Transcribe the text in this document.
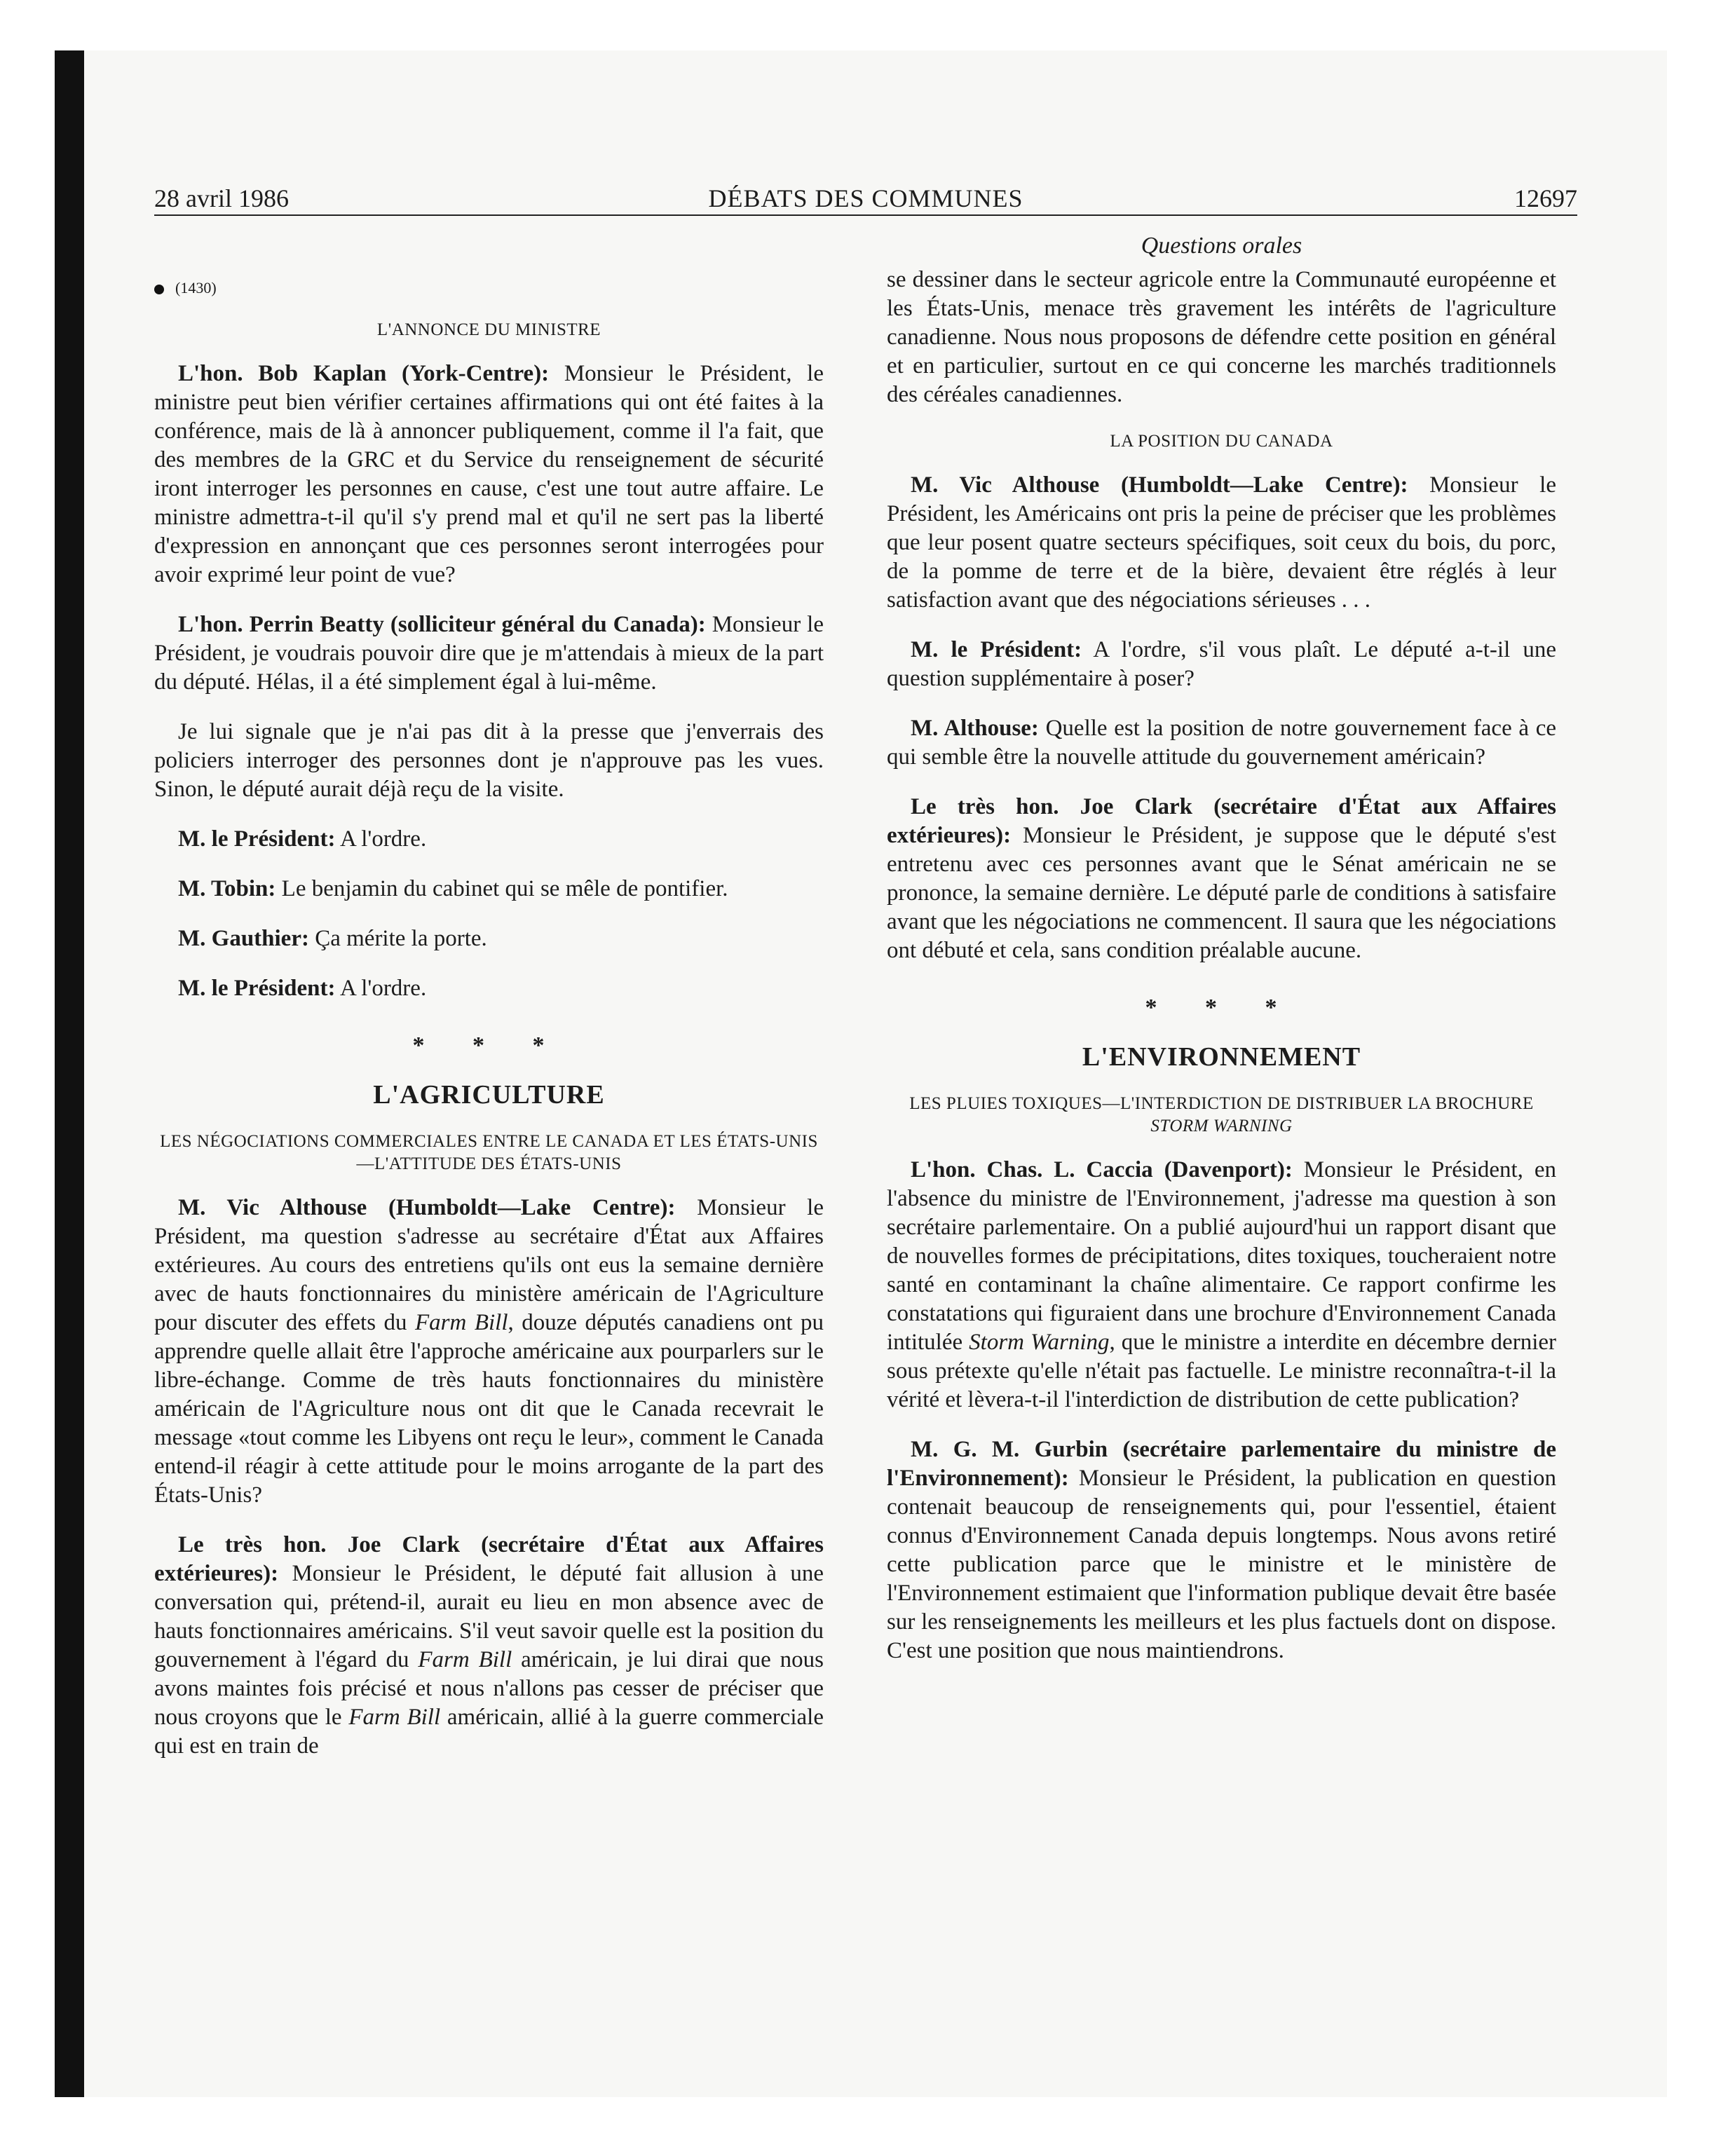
28 avril 1986	DÉBATS DES COMMUNES	12697
(1430)
L'ANNONCE DU MINISTRE

L'hon. Bob Kaplan (York-Centre): Monsieur le Président, le ministre peut bien vérifier certaines affirmations qui ont été faites à la conférence, mais de là à annoncer publiquement, comme il l'a fait, que des membres de la GRC et du Service du renseignement de sécurité iront interroger les personnes en cause, c'est une tout autre affaire. Le ministre admettra-t-il qu'il s'y prend mal et qu'il ne sert pas la liberté d'expression en annonçant que ces personnes seront interrogées pour avoir exprimé leur point de vue?

L'hon. Perrin Beatty (solliciteur général du Canada): Monsieur le Président, je voudrais pouvoir dire que je m'attendais à mieux de la part du député. Hélas, il a été simplement égal à lui-même.

Je lui signale que je n'ai pas dit à la presse que j'enverrais des policiers interroger des personnes dont je n'approuve pas les vues. Sinon, le député aurait déjà reçu de la visite.

M. le Président: A l'ordre.

M. Tobin: Le benjamin du cabinet qui se mêle de pontifier.

M. Gauthier: Ça mérite la porte.

M. le Président: A l'ordre.

* * *
L'AGRICULTURE
LES NÉGOCIATIONS COMMERCIALES ENTRE LE CANADA ET LES ÉTATS-UNIS—L'ATTITUDE DES ÉTATS-UNIS

M. Vic Althouse (Humboldt—Lake Centre): Monsieur le Président, ma question s'adresse au secrétaire d'État aux Affaires extérieures. Au cours des entretiens qu'ils ont eus la semaine dernière avec de hauts fonctionnaires du ministère américain de l'Agriculture pour discuter des effets du Farm Bill, douze députés canadiens ont pu apprendre quelle allait être l'approche américaine aux pourparlers sur le libre-échange. Comme de très hauts fonctionnaires du ministère américain de l'Agriculture nous ont dit que le Canada recevrait le message «tout comme les Libyens ont reçu le leur», comment le Canada entend-il réagir à cette attitude pour le moins arrogante de la part des États-Unis?

Le très hon. Joe Clark (secrétaire d'État aux Affaires extérieures): Monsieur le Président, le député fait allusion à une conversation qui, prétend-il, aurait eu lieu en mon absence avec de hauts fonctionnaires américains. S'il veut savoir quelle est la position du gouvernement à l'égard du Farm Bill américain, je lui dirai que nous avons maintes fois précisé et nous n'allons pas cesser de préciser que nous croyons que le Farm Bill américain, allié à la guerre commerciale qui est en train de

Questions orales

se dessiner dans le secteur agricole entre la Communauté européenne et les États-Unis, menace très gravement les intérêts de l'agriculture canadienne. Nous nous proposons de défendre cette position en général et en particulier, surtout en ce qui concerne les marchés traditionnels des céréales canadiennes.

LA POSITION DU CANADA

M. Vic Althouse (Humboldt—Lake Centre): Monsieur le Président, les Américains ont pris la peine de préciser que les problèmes que leur posent quatre secteurs spécifiques, soit ceux du bois, du porc, de la pomme de terre et de la bière, devaient être réglés à leur satisfaction avant que des négociations sérieuses . . .

M. le Président: A l'ordre, s'il vous plaît. Le député a-t-il une question supplémentaire à poser?

M. Althouse: Quelle est la position de notre gouvernement face à ce qui semble être la nouvelle attitude du gouvernement américain?

Le très hon. Joe Clark (secrétaire d'État aux Affaires extérieures): Monsieur le Président, je suppose que le député s'est entretenu avec ces personnes avant que le Sénat américain ne se prononce, la semaine dernière. Le député parle de conditions à satisfaire avant que les négociations ne commencent. Il saura que les négociations ont débuté et cela, sans condition préalable aucune.

* * *
L'ENVIRONNEMENT
LES PLUIES TOXIQUES—L'INTERDICTION DE DISTRIBUER LA BROCHURE STORM WARNING

L'hon. Chas. L. Caccia (Davenport): Monsieur le Président, en l'absence du ministre de l'Environnement, j'adresse ma question à son secrétaire parlementaire. On a publié aujourd'hui un rapport disant que de nouvelles formes de précipitations, dites toxiques, toucheraient notre santé en contaminant la chaîne alimentaire. Ce rapport confirme les constatations qui figuraient dans une brochure d'Environnement Canada intitulée Storm Warning, que le ministre a interdite en décembre dernier sous prétexte qu'elle n'était pas factuelle. Le ministre reconnaîtra-t-il la vérité et lèvera-t-il l'interdiction de distribution de cette publication?

M. G. M. Gurbin (secrétaire parlementaire du ministre de l'Environnement): Monsieur le Président, la publication en question contenait beaucoup de renseignements qui, pour l'essentiel, étaient connus d'Environnement Canada depuis longtemps. Nous avons retiré cette publication parce que le ministre et le ministère de l'Environnement estimaient que l'information publique devait être basée sur les renseignements les meilleurs et les plus factuels dont on dispose. C'est une position que nous maintiendrons.
